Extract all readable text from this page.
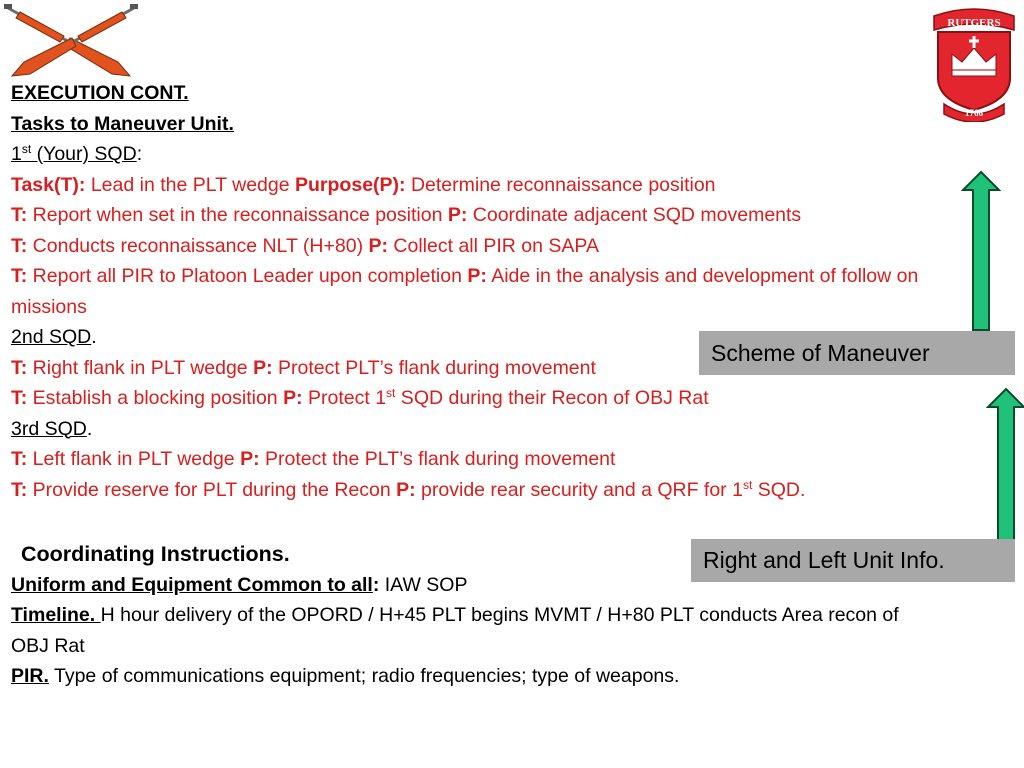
RUTGERS
1766
EXECUTION CONT.
Tasks to Maneuver Unit.
1st (Your) SQD:
Task(T): Lead in the PLT wedge Purpose(P): Determine reconnaissance position
T: Report when set in the reconnaissance position P: Coordinate adjacent SQD movements
T: Conducts reconnaissance NLT (H+80) P: Collect all PIR on SAPA
T: Report all PIR to Platoon Leader upon completion P: Aide in the analysis and development of follow on missions
2nd SQD.
T: Right flank in PLT wedge P: Protect PLT’s flank during movement
T: Establish a blocking position P: Protect 1st SQD during their Recon of OBJ Rat
3rd SQD.
T: Left flank in PLT wedge P: Protect the PLT’s flank during movement
T: Provide reserve for PLT during the Recon P: provide rear security and a QRF for 1st SQD.
Coordinating Instructions.
Uniform and Equipment Common to all: IAW SOP
Timeline. H hour delivery of the OPORD / H+45 PLT begins MVMT / H+80 PLT conducts Area recon of OBJ Rat
PIR. Type of communications equipment; radio frequencies; type of weapons.
Scheme of Maneuver
Right and Left Unit Info.
